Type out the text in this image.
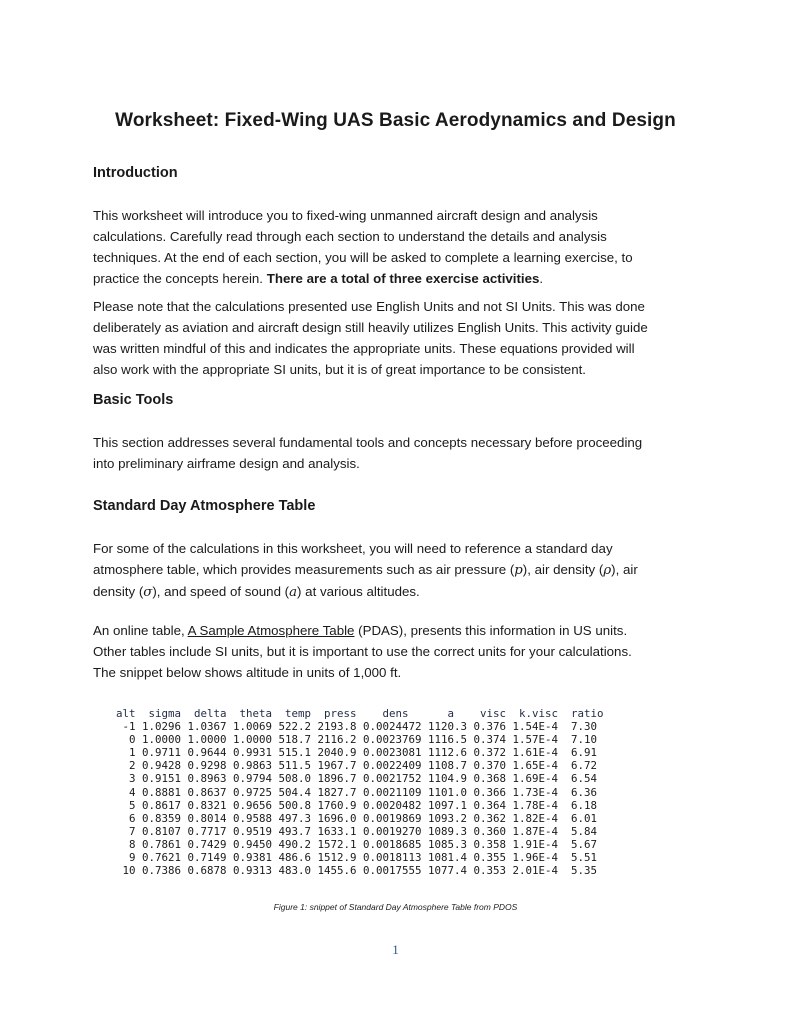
Worksheet: Fixed-Wing UAS Basic Aerodynamics and Design
Introduction
This worksheet will introduce you to fixed-wing unmanned aircraft design and analysis
calculations. Carefully read through each section to understand the details and analysis
techniques. At the end of each section, you will be asked to complete a learning exercise, to
practice the concepts herein. There are a total of three exercise activities.
Please note that the calculations presented use English Units and not SI Units. This was done
deliberately as aviation and aircraft design still heavily utilizes English Units. This activity guide
was written mindful of this and indicates the appropriate units. These equations provided will
also work with the appropriate SI units, but it is of great importance to be consistent.
Basic Tools
This section addresses several fundamental tools and concepts necessary before proceeding
into preliminary airframe design and analysis.
Standard Day Atmosphere Table
For some of the calculations in this worksheet, you will need to reference a standard day
atmosphere table, which provides measurements such as air pressure (p), air density (ρ), air
density (σ), and speed of sound (a) at various altitudes.
An online table, A Sample Atmosphere Table (PDAS), presents this information in US units.
Other tables include SI units, but it is important to use the correct units for your calculations.
The snippet below shows altitude in units of 1,000 ft.
alt  sigma  delta  theta  temp  press    dens      a    visc  k.visc  ratio
-1 1.0296 1.0367 1.0069 522.2 2193.8 0.0024472 1120.3 0.376 1.54E-4  7.30
0 1.0000 1.0000 1.0000 518.7 2116.2 0.0023769 1116.5 0.374 1.57E-4  7.10
1 0.9711 0.9644 0.9931 515.1 2040.9 0.0023081 1112.6 0.372 1.61E-4  6.91
2 0.9428 0.9298 0.9863 511.5 1967.7 0.0022409 1108.7 0.370 1.65E-4  6.72
3 0.9151 0.8963 0.9794 508.0 1896.7 0.0021752 1104.9 0.368 1.69E-4  6.54
4 0.8881 0.8637 0.9725 504.4 1827.7 0.0021109 1101.0 0.366 1.73E-4  6.36
5 0.8617 0.8321 0.9656 500.8 1760.9 0.0020482 1097.1 0.364 1.78E-4  6.18
6 0.8359 0.8014 0.9588 497.3 1696.0 0.0019869 1093.2 0.362 1.82E-4  6.01
7 0.8107 0.7717 0.9519 493.7 1633.1 0.0019270 1089.3 0.360 1.87E-4  5.84
8 0.7861 0.7429 0.9450 490.2 1572.1 0.0018685 1085.3 0.358 1.91E-4  5.67
9 0.7621 0.7149 0.9381 486.6 1512.9 0.0018113 1081.4 0.355 1.96E-4  5.51
10 0.7386 0.6878 0.9313 483.0 1455.6 0.0017555 1077.4 0.353 2.01E-4  5.35
Figure 1: snippet of Standard Day Atmosphere Table from PDOS
1
